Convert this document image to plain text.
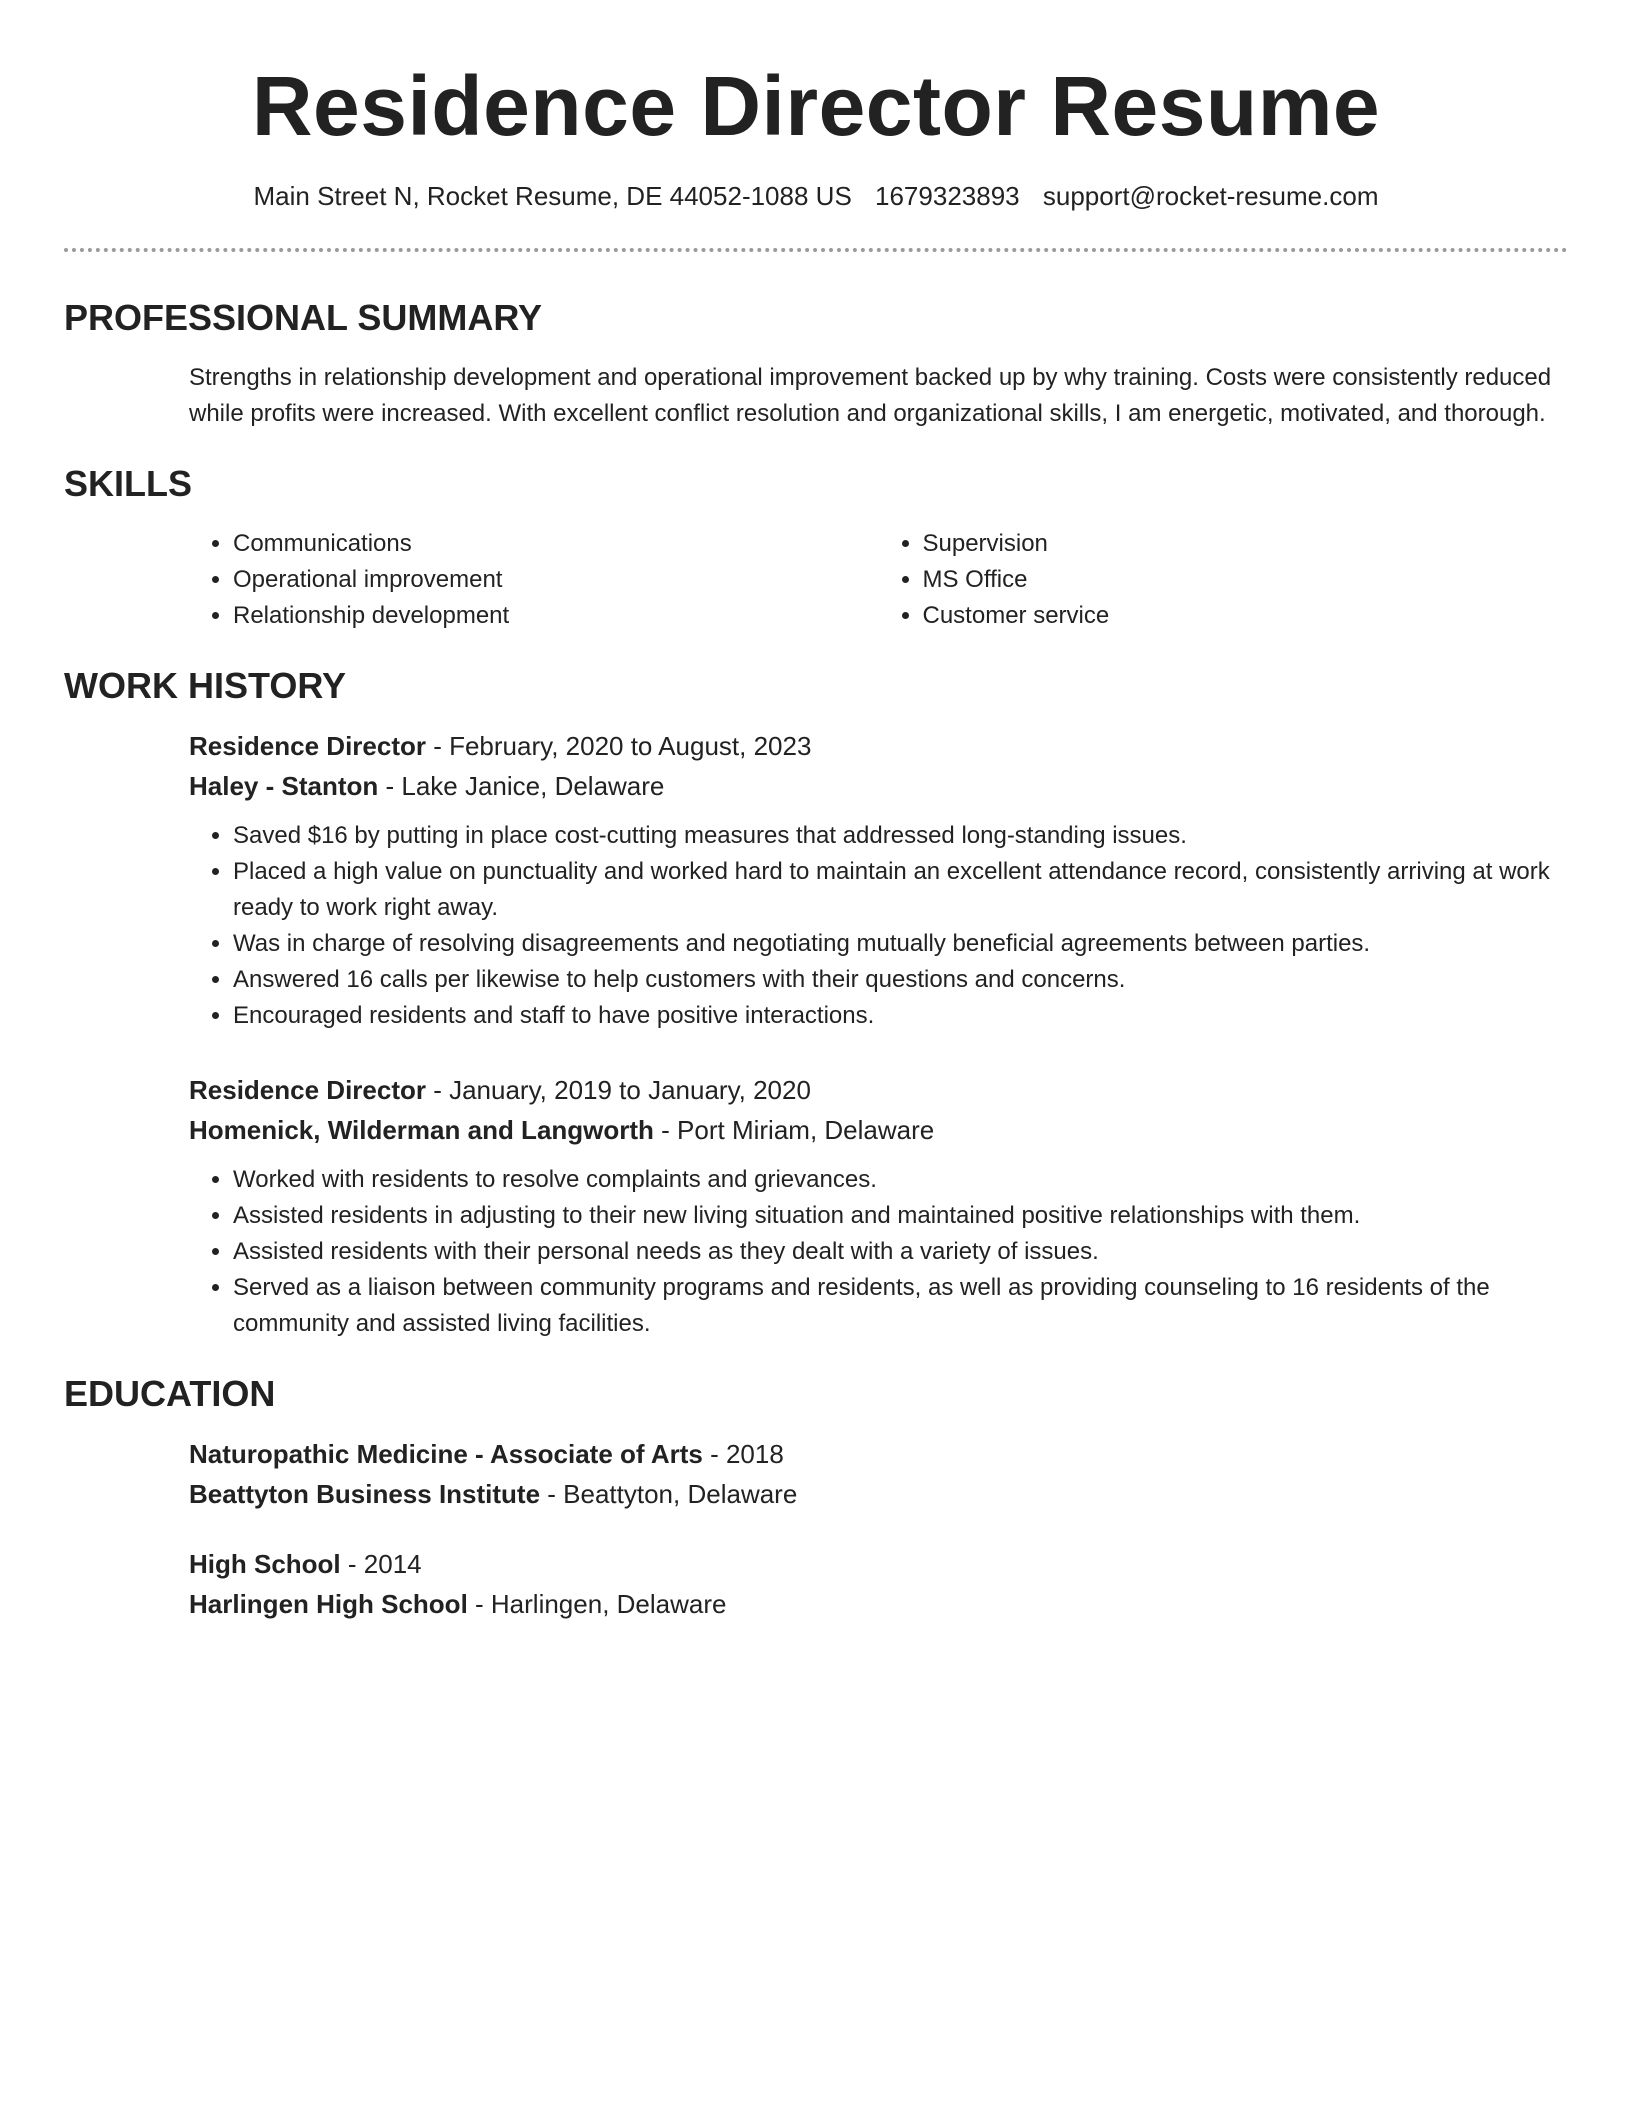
Residence Director Resume
Main Street N, Rocket Resume, DE 44052-1088 US 1679323893 support@rocket-resume.com
PROFESSIONAL SUMMARY

Strengths in relationship development and operational improvement backed up by why training. Costs were consistently reduced while profits were increased. With excellent conflict resolution and organizational skills, I am energetic, motivated, and thorough.

SKILLS
• Communications
• Operational improvement
• Relationship development
• Supervision
• MS Office
• Customer service
WORK HISTORY
Residence Director - February, 2020 to August, 2023
Haley - Stanton - Lake Janice, Delaware
• Saved $16 by putting in place cost-cutting measures that addressed long-standing issues.
• Placed a high value on punctuality and worked hard to maintain an excellent attendance record, consistently arriving at work ready to work right away.
• Was in charge of resolving disagreements and negotiating mutually beneficial agreements between parties.
• Answered 16 calls per likewise to help customers with their questions and concerns.
• Encouraged residents and staff to have positive interactions.
Residence Director - January, 2019 to January, 2020
Homenick, Wilderman and Langworth - Port Miriam, Delaware
• Worked with residents to resolve complaints and grievances.
• Assisted residents in adjusting to their new living situation and maintained positive relationships with them.
• Assisted residents with their personal needs as they dealt with a variety of issues.
• Served as a liaison between community programs and residents, as well as providing counseling to 16 residents of the community and assisted living facilities.
EDUCATION
Naturopathic Medicine - Associate of Arts - 2018
Beattyton Business Institute - Beattyton, Delaware
High School - 2014
Harlingen High School - Harlingen, Delaware
